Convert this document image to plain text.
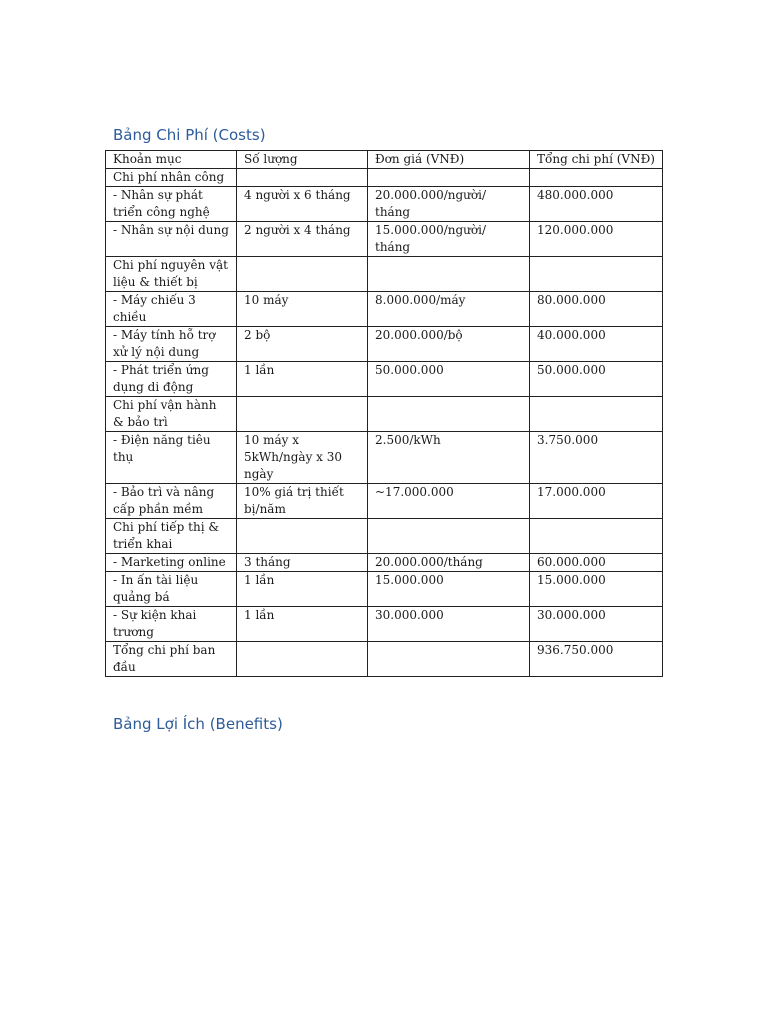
Bảng Chi Phí (Costs)
Khoản mục	Số lượng	Đơn giá (VNĐ)	Tổng chi phí (VNĐ)
Chi phí nhân công			
- Nhân sự phát triển công nghệ	4 người x 6 tháng	20.000.000/người/ tháng	480.000.000
- Nhân sự nội dung	2 người x 4 tháng	15.000.000/người/ tháng	120.000.000
Chi phí nguyên vật liệu & thiết bị			
- Máy chiếu 3 chiều	10 máy	8.000.000/máy	80.000.000
- Máy tính hỗ trợ xử lý nội dung	2 bộ	20.000.000/bộ	40.000.000
- Phát triển ứng dụng di động	1 lần	50.000.000	50.000.000
Chi phí vận hành & bảo trì			
- Điện năng tiêu thụ	10 máy x 5kWh/ngày x 30 ngày	2.500/kWh	3.750.000
- Bảo trì và nâng cấp phần mềm	10% giá trị thiết bị/năm	~17.000.000	17.000.000
Chi phí tiếp thị & triển khai			
- Marketing online	3 tháng	20.000.000/tháng	60.000.000
- In ấn tài liệu quảng bá	1 lần	15.000.000	15.000.000
- Sự kiện khai trương	1 lần	30.000.000	30.000.000
Tổng chi phí ban đầu			936.750.000
Bảng Lợi Ích (Benefits)
